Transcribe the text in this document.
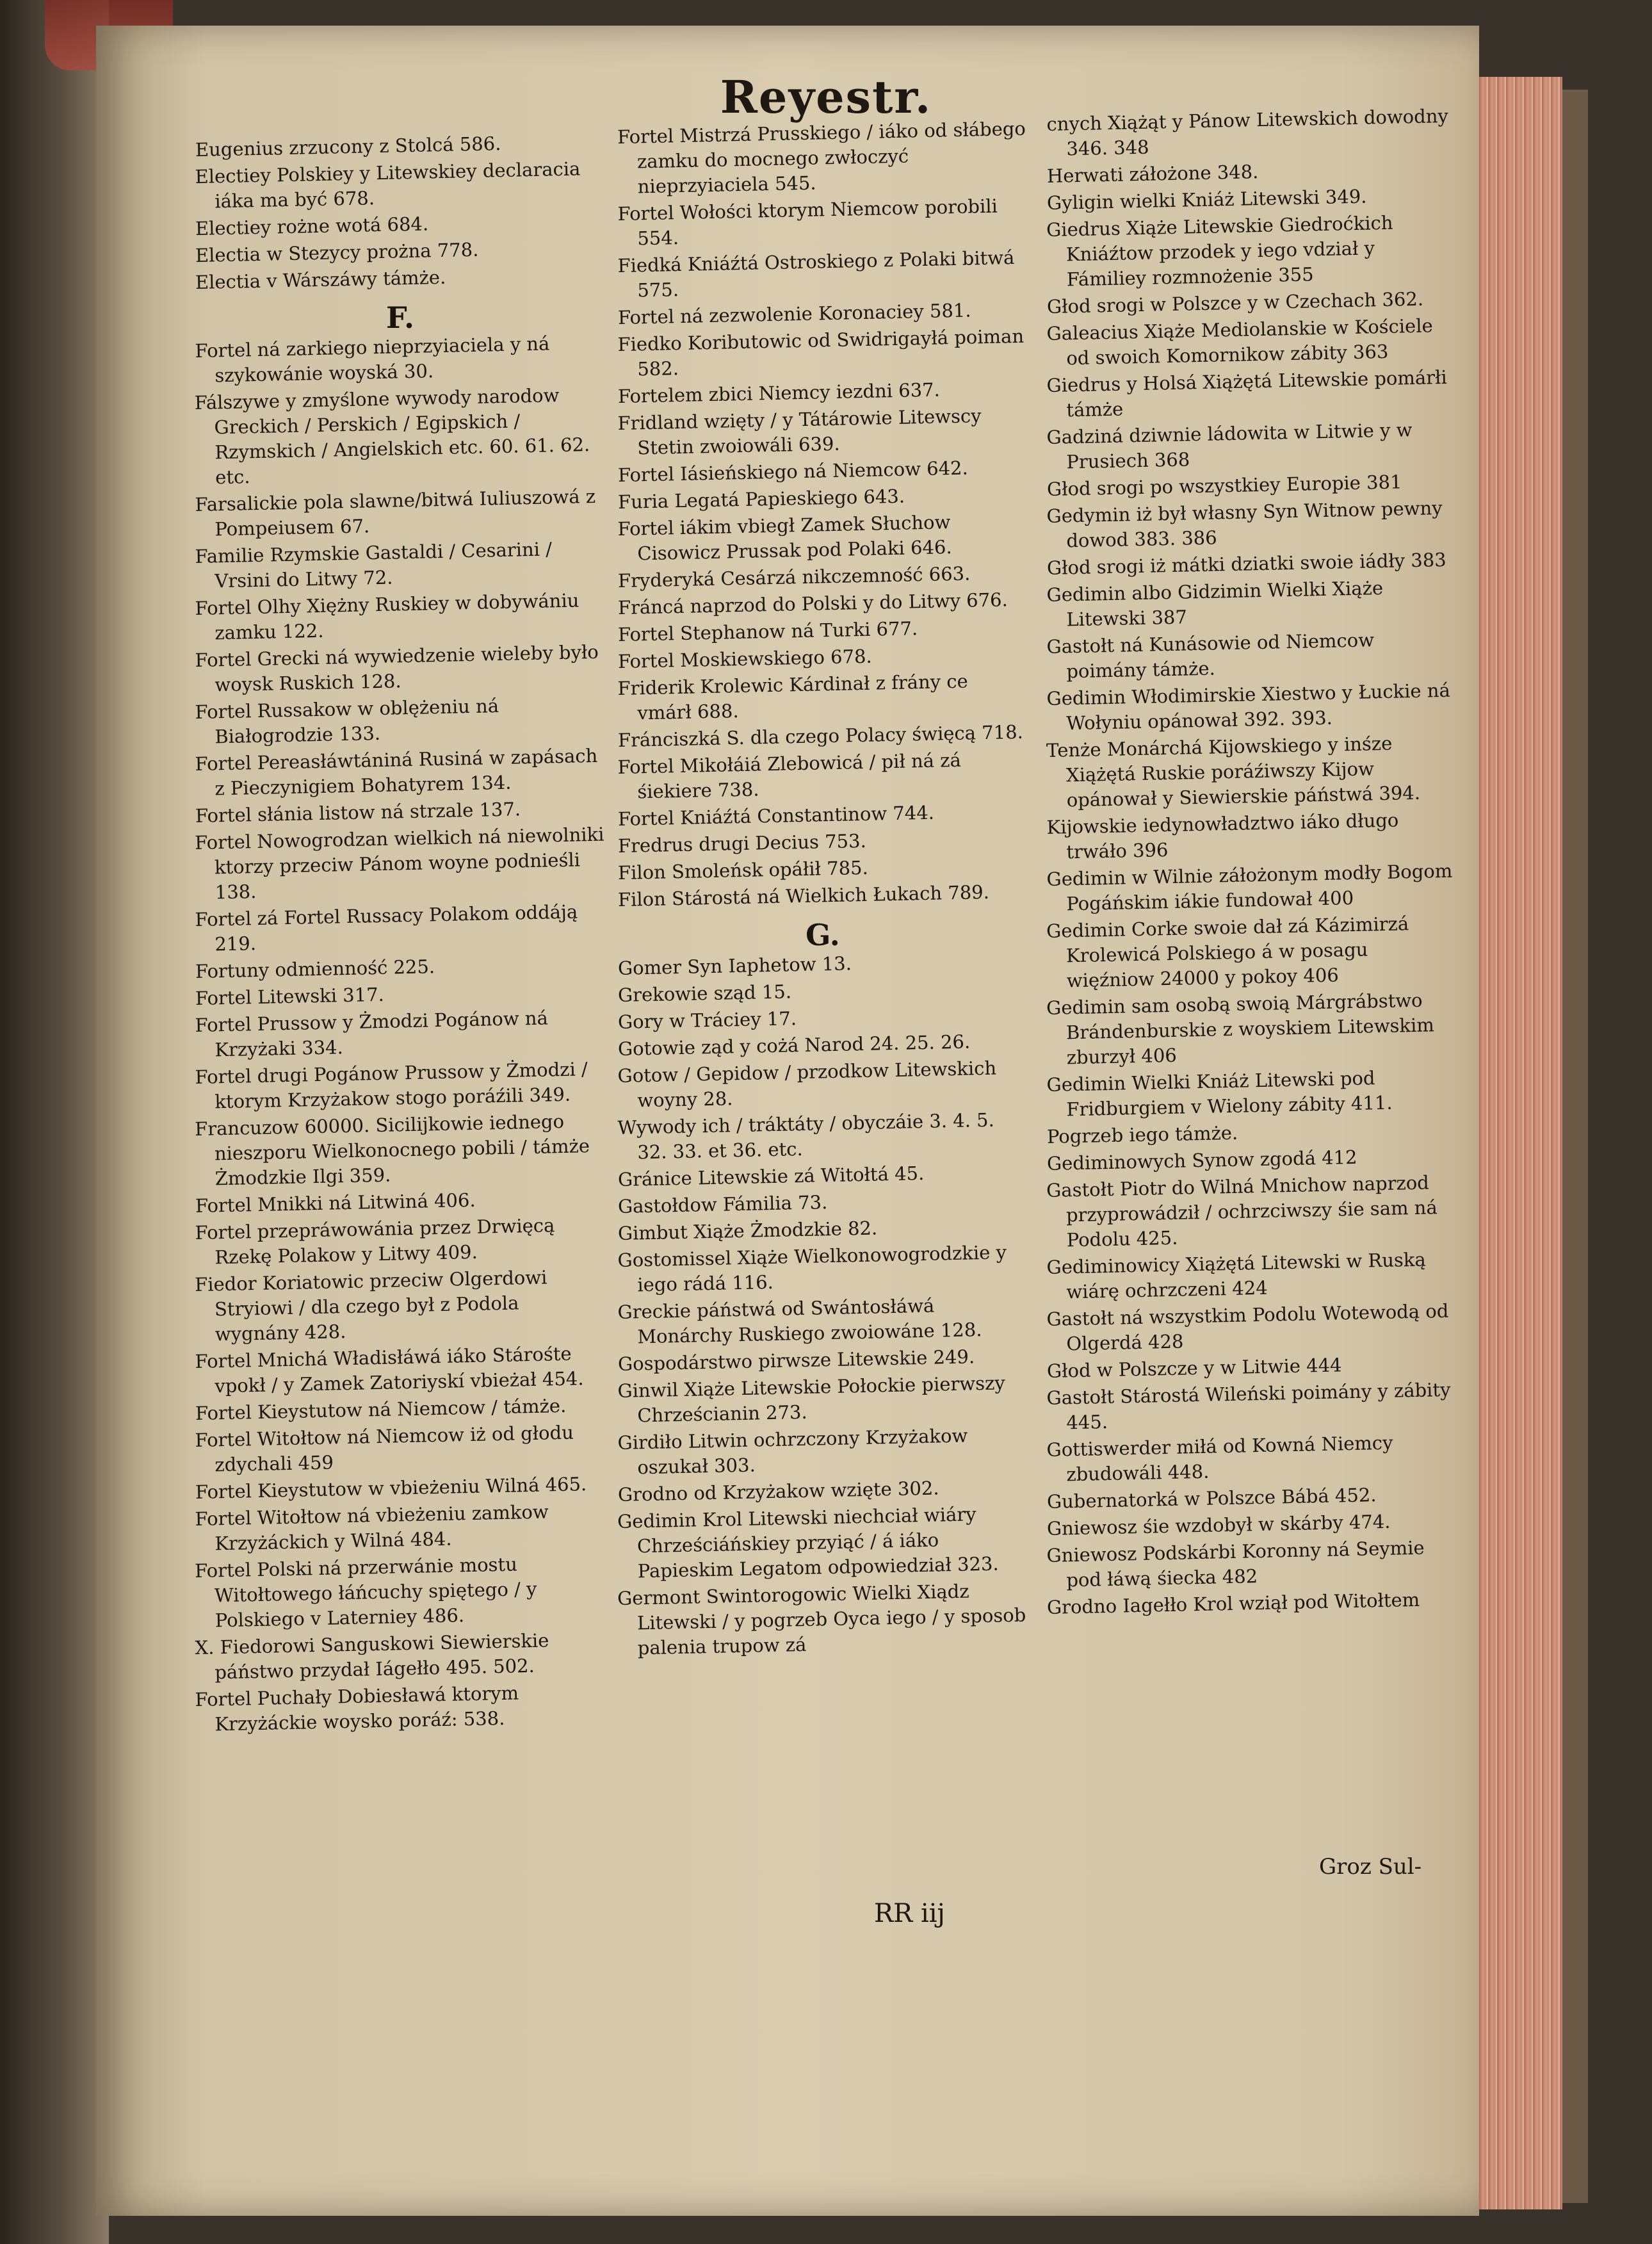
Reyestr.
Eugenius zrzucony z Stolcá 586.
Electiey Polskiey y Litewskiey declaracia iáka ma być 678.
Electiey rożne wotá 684.
Electia w Stezycy prożna 778.
Electia v Wárszáwy támże.
F.
Fortel ná zarkiego nieprzyiaciela y ná szykowánie woyská 30.
Fálszywe y zmyślone wywody narodow Greckich / Perskich / Egipskich / Rzymskich / Angielskich etc. 60. 61. 62. etc.
Farsalickie pola slawne/bitwá Iuliuszowá z Pompeiusem 67.
Familie Rzymskie Gastaldi / Cesarini / Vrsini do Litwy 72.
Fortel Olhy Xiężny Ruskiey w dobywániu zamku 122.
Fortel Grecki ná wywiedzenie wieleby było woysk Ruskich 128.
Fortel Russakow w oblężeniu ná Białogrodzie 133.
Fortel Pereasłáwtániná Rusiná w zapásach z Pieczynigiem Bohatyrem 134.
Fortel słánia listow ná strzale 137.
Fortel Nowogrodzan wielkich ná niewolniki ktorzy przeciw Pánom woyne podnieśli 138.
Fortel zá Fortel Russacy Polakom oddáją 219.
Fortuny odmienność 225.
Fortel Litewski 317.
Fortel Prussow y Żmodzi Pogánow ná Krzyżaki 334.
Fortel drugi Pogánow Prussow y Żmodzi / ktorym Krzyżakow stogo poráźili 349.
Francuzow 60000. Sicilijkowie iednego nieszporu Wielkonocnego pobili / támże Żmodzkie Ilgi 359.
Fortel Mnikki ná Litwiná 406.
Fortel przepráwowánia przez Drwięcą Rzekę Polakow y Litwy 409.
Fiedor Koriatowic przeciw Olgerdowi Stryiowi / dla czego był z Podola wygnány 428.
Fortel Mnichá Władisłáwá iáko Stárośte vpokł / y Zamek Zatoriyskí vbieżał 454.
Fortel Kieystutow ná Niemcow / támże.
Fortel Witołtow ná Niemcow iż od głodu zdychali 459
Fortel Kieystutow w vbieżeniu Wilná 465.
Fortel Witołtow ná vbieżeniu zamkow Krzyżáckich y Wilná 484.
Fortel Polski ná przerwánie mostu Witołtowego łáńcuchy spiętego / y Polskiego v Laterniey 486.
X. Fiedorowi Sanguskowi Siewierskie páństwo przydał Iágełło 495. 502.
Fortel Puchały Dobiesławá ktorym Krzyżáckie woysko poráź: 538.
Fortel Mistrzá Prusskiego / iáko od słábego zamku do mocnego zwłoczyć nieprzyiaciela 545.
Fortel Wołości ktorym Niemcow porobili 554.
Fiedká Kniáźtá Ostroskiego z Polaki bitwá 575.
Fortel ná zezwolenie Koronaciey 581.
Fiedko Koributowic od Swidrigayłá poiman 582.
Fortelem zbici Niemcy iezdni 637.
Fridland wzięty / y Tátárowie Litewscy Stetin zwoiowáli 639.
Fortel Iásieńskiego ná Niemcow 642.
Furia Legatá Papieskiego 643.
Fortel iákim vbiegł Zamek Słuchow Cisowicz Prussak pod Polaki 646.
Fryderyká Cesárzá nikczemność 663.
Fráncá naprzod do Polski y do Litwy 676.
Fortel Stephanow ná Turki 677.
Fortel Moskiewskiego 678.
Friderik Krolewic Kárdinał z frány ce vmárł 688.
Fránciszká S. dla czego Polacy święcą 718.
Fortel Mikołáiá Zlebowicá / pił ná zá śiekiere 738.
Fortel Kniáźtá Constantinow 744.
Fredrus drugi Decius 753.
Filon Smoleńsk opáłił 785.
Filon Stárostá ná Wielkich Łukach 789.
G.
Gomer Syn Iaphetow 13.
Grekowie sząd 15.
Gory w Tráciey 17.
Gotowie ząd y cożá Narod 24. 25. 26.
Gotow / Gepidow / przodkow Litewskich woyny 28.
Wywody ich / tráktáty / obyczáie 3. 4. 5. 32. 33. et 36. etc.
Gránice Litewskie zá Witołtá 45.
Gastołdow Fámilia 73.
Gimbut Xiąże Żmodzkie 82.
Gostomissel Xiąże Wielkonowogrodzkie y iego rádá 116.
Greckie páństwá od Swántosłáwá Monárchy Ruskiego zwoiowáne 128.
Gospodárstwo pirwsze Litewskie 249.
Ginwil Xiąże Litewskie Połockie pierwszy Chrześcianin 273.
Girdiło Litwin ochrzczony Krzyżakow oszukał 303.
Grodno od Krzyżakow wzięte 302.
Gedimin Krol Litewski niechciał wiáry Chrześciáńskiey przyiąć / á iáko Papieskim Legatom odpowiedział 323.
Germont Swintorogowic Wielki Xiądz Litewski / y pogrzeb Oyca iego / y sposob palenia trupow zá
cnych Xiążąt y Pánow Litewskich dowodny 346. 348
Herwati záłożone 348.
Gyligin wielki Kniáż Litewski 349.
Giedrus Xiąże Litewskie Giedroćkich Kniáźtow przodek y iego vdział y Fámiliey rozmnożenie 355
Głod srogi w Polszce y w Czechach 362.
Galeacius Xiąże Mediolanskie w Kościele od swoich Komornikow zábity 363
Giedrus y Holsá Xiążętá Litewskie pomárłi támże
Gadziná dziwnie ládowita w Litwie y w Prusiech 368
Głod srogi po wszystkiey Europie 381
Gedymin iż był własny Syn Witnow pewny dowod 383. 386
Głod srogi iż mátki dziatki swoie iádły 383
Gedimin albo Gidzimin Wielki Xiąże Litewski 387
Gastołt ná Kunásowie od Niemcow poimány támże.
Gedimin Włodimirskie Xiestwo y Łuckie ná Wołyniu opánował 392. 393.
Tenże Monárchá Kijowskiego y inśze Xiążętá Ruskie poráźiwszy Kijow opánował y Siewierskie páństwá 394.
Kijowskie iedynowładztwo iáko długo trwáło 396
Gedimin w Wilnie záłożonym modły Bogom Pogáńskim iákie fundował 400
Gedimin Corke swoie dał zá Kázimirzá Krolewicá Polskiego á w posagu więźniow 24000 y pokoy 406
Gedimin sam osobą swoią Márgrábstwo Brándenburskie z woyskiem Litewskim zburzył 406
Gedimin Wielki Kniáż Litewski pod Fridburgiem v Wielony zábity 411.
Pogrzeb iego támże.
Gediminowych Synow zgodá 412
Gastołt Piotr do Wilná Mnichow naprzod przyprowádził / ochrzciwszy śie sam ná Podolu 425.
Gediminowicy Xiążętá Litewski w Ruską wiárę ochrzczeni 424
Gastołt ná wszystkim Podolu Wotewodą od Olgerdá 428
Głod w Polszcze y w Litwie 444
Gastołt Stárostá Wileński poimány y zábity 445.
Gottiswerder miłá od Kowná Niemcy zbudowáli 448.
Gubernatorká w Polszce Bábá 452.
Gniewosz śie wzdobył w skárby 474.
Gniewosz Podskárbi Koronny ná Seymie pod łáwą śiecka 482
Grodno Iagełło Krol wziął pod Witołtem
RR iij
Groz Sul-
